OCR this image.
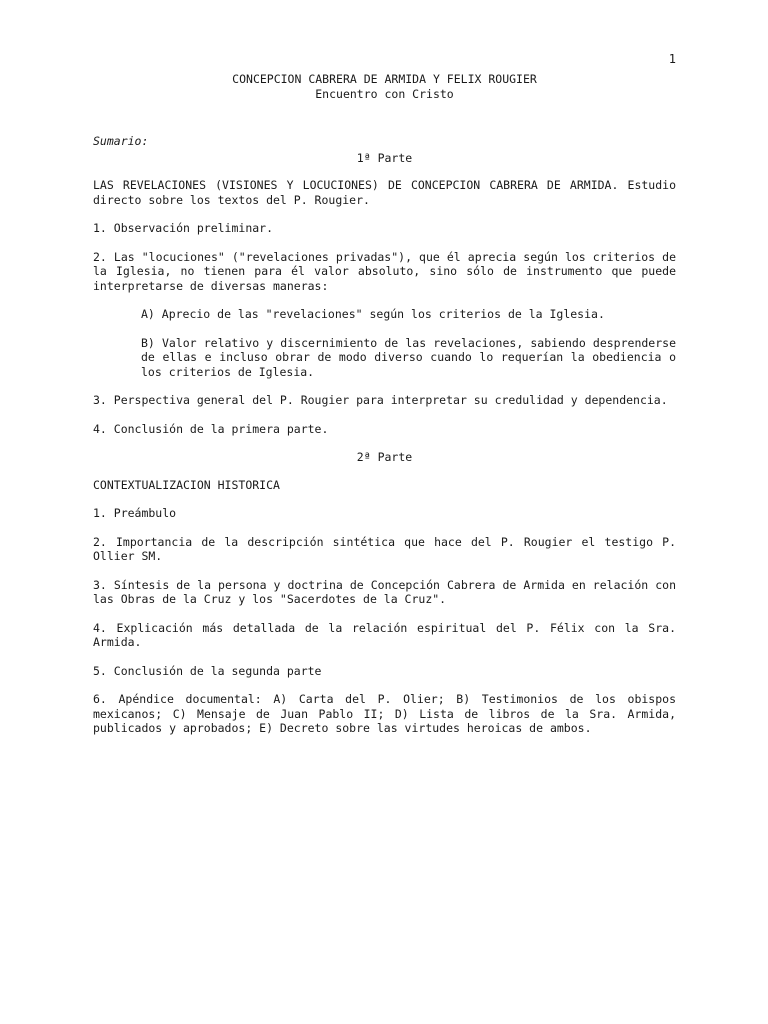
1

CONCEPCION CABRERA DE ARMIDA Y FELIX ROUGIER

Encuentro con Cristo

Sumario:

1ª Parte

LAS REVELACIONES (VISIONES Y LOCUCIONES) DE CONCEPCION CABRERA DE ARMIDA. Estudio directo sobre los textos del P. Rougier.

1. Observación preliminar.

2. Las "locuciones" ("revelaciones privadas"), que él aprecia según los criterios de la Iglesia, no tienen para él valor absoluto, sino sólo de instrumento que puede interpretarse de diversas maneras:

A) Aprecio de las "revelaciones" según los criterios de la Iglesia.

B) Valor relativo y discernimiento de las revelaciones, sabiendo desprenderse de ellas e incluso obrar de modo diverso cuando lo requerían la obediencia o los criterios de Iglesia.

3. Perspectiva general del P. Rougier para interpretar su credulidad y dependencia.

4. Conclusión de la primera parte.

2ª Parte

CONTEXTUALIZACION HISTORICA

1. Preámbulo

2. Importancia de la descripción sintética que hace del P. Rougier el testigo P. Ollier SM.

3. Síntesis de la persona y doctrina de Concepción Cabrera de Armida en relación con las Obras de la Cruz y los "Sacerdotes de la Cruz".

4. Explicación más detallada de la relación espiritual del P. Félix con la Sra. Armida.

5. Conclusión de la segunda parte

6. Apéndice documental: A) Carta del P. Olier; B) Testimonios de los obispos mexicanos; C) Mensaje de Juan Pablo II; D) Lista de libros de la Sra. Armida, publicados y aprobados; E) Decreto sobre las virtudes heroicas de ambos.
